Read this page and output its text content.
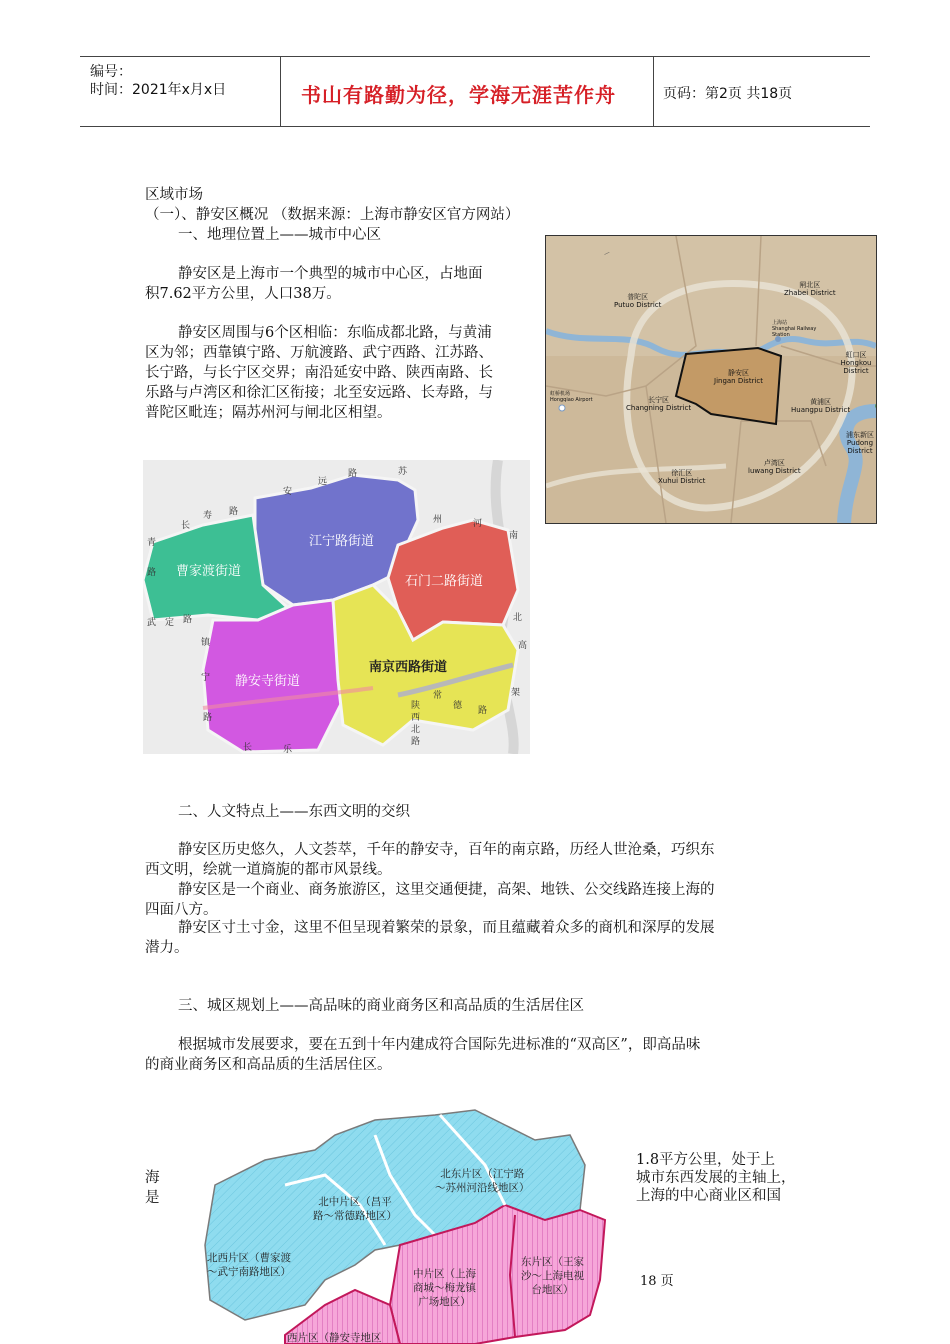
编号：
时间：2021年x月x日	书山有路勤为径，学海无涯苦作舟	页码：第2页 共18页
区域市场
（一）、静安区概况 （数据来源：上海市静安区官方网站）
一、地理位置上——城市中心区
静安区是上海市一个典型的城市中心区，占地面
积7.62平方公里，人口38万。
静安区周围与6个区相临：东临成都北路，与黄浦
区为邻；西靠镇宁路、万航渡路、武宁西路、江苏路、
长宁路，与长宁区交界；南沿延安中路、陕西南路、长
乐路与卢湾区和徐汇区衔接；北至安远路、长寿路，与
普陀区毗连；隔苏州河与闸北区相望。
—
闸北区
Zhabei District
普陀区
Putuo District
静安区
Jingan District
虹口区
Hongkou District
长宁区
Changning District
黄浦区
Huangpu District
浦东新区
Pudong District
卢湾区
luwang District
徐汇区
Xuhui District
虹桥机场
Hongqiao Airport
上海站
Shanghai Railway Station
江宁路街道
曹家渡街道
石门二路街道
静安寺街道
南京西路街道
安
远
路	苏
长
寿 路
青
路
武 定 路
镇
宁
路
长	乐
陕
西
北
路
常
德 路
州	河
南
北
高
架
二、人文特点上——东西文明的交织
静安区历史悠久，人文荟萃，千年的静安寺，百年的南京路，历经人世沧桑，巧织东
西文明，绘就一道旖旎的都市风景线。
静安区是一个商业、商务旅游区，这里交通便捷，高架、地铁、公交线路连接上海的
四面八方。
静安区寸土寸金，这里不但呈现着繁荣的景象，而且蕴藏着众多的商机和深厚的发展
潜力。
三、城区规划上——高品味的商业商务区和高品质的生活居住区
根据城市发展要求，要在五到十年内建成符合国际先进标准的“双高区”，即高品味
的商业商务区和高品质的生活居住区。
海
是
1.8平方公里，处于上
城市东西发展的主轴上，
上海的中心商业区和国
18 页
北东片区（江宁路
～苏州河沿线地区）
北中片区（昌平
路～常德路地区）
北西片区（曹家渡
～武宁南路地区）	中片区（上海
商城～梅龙镇
广场地区）
东片区（王家
沙～上海电视
台地区）
西片区（静安寺地区
